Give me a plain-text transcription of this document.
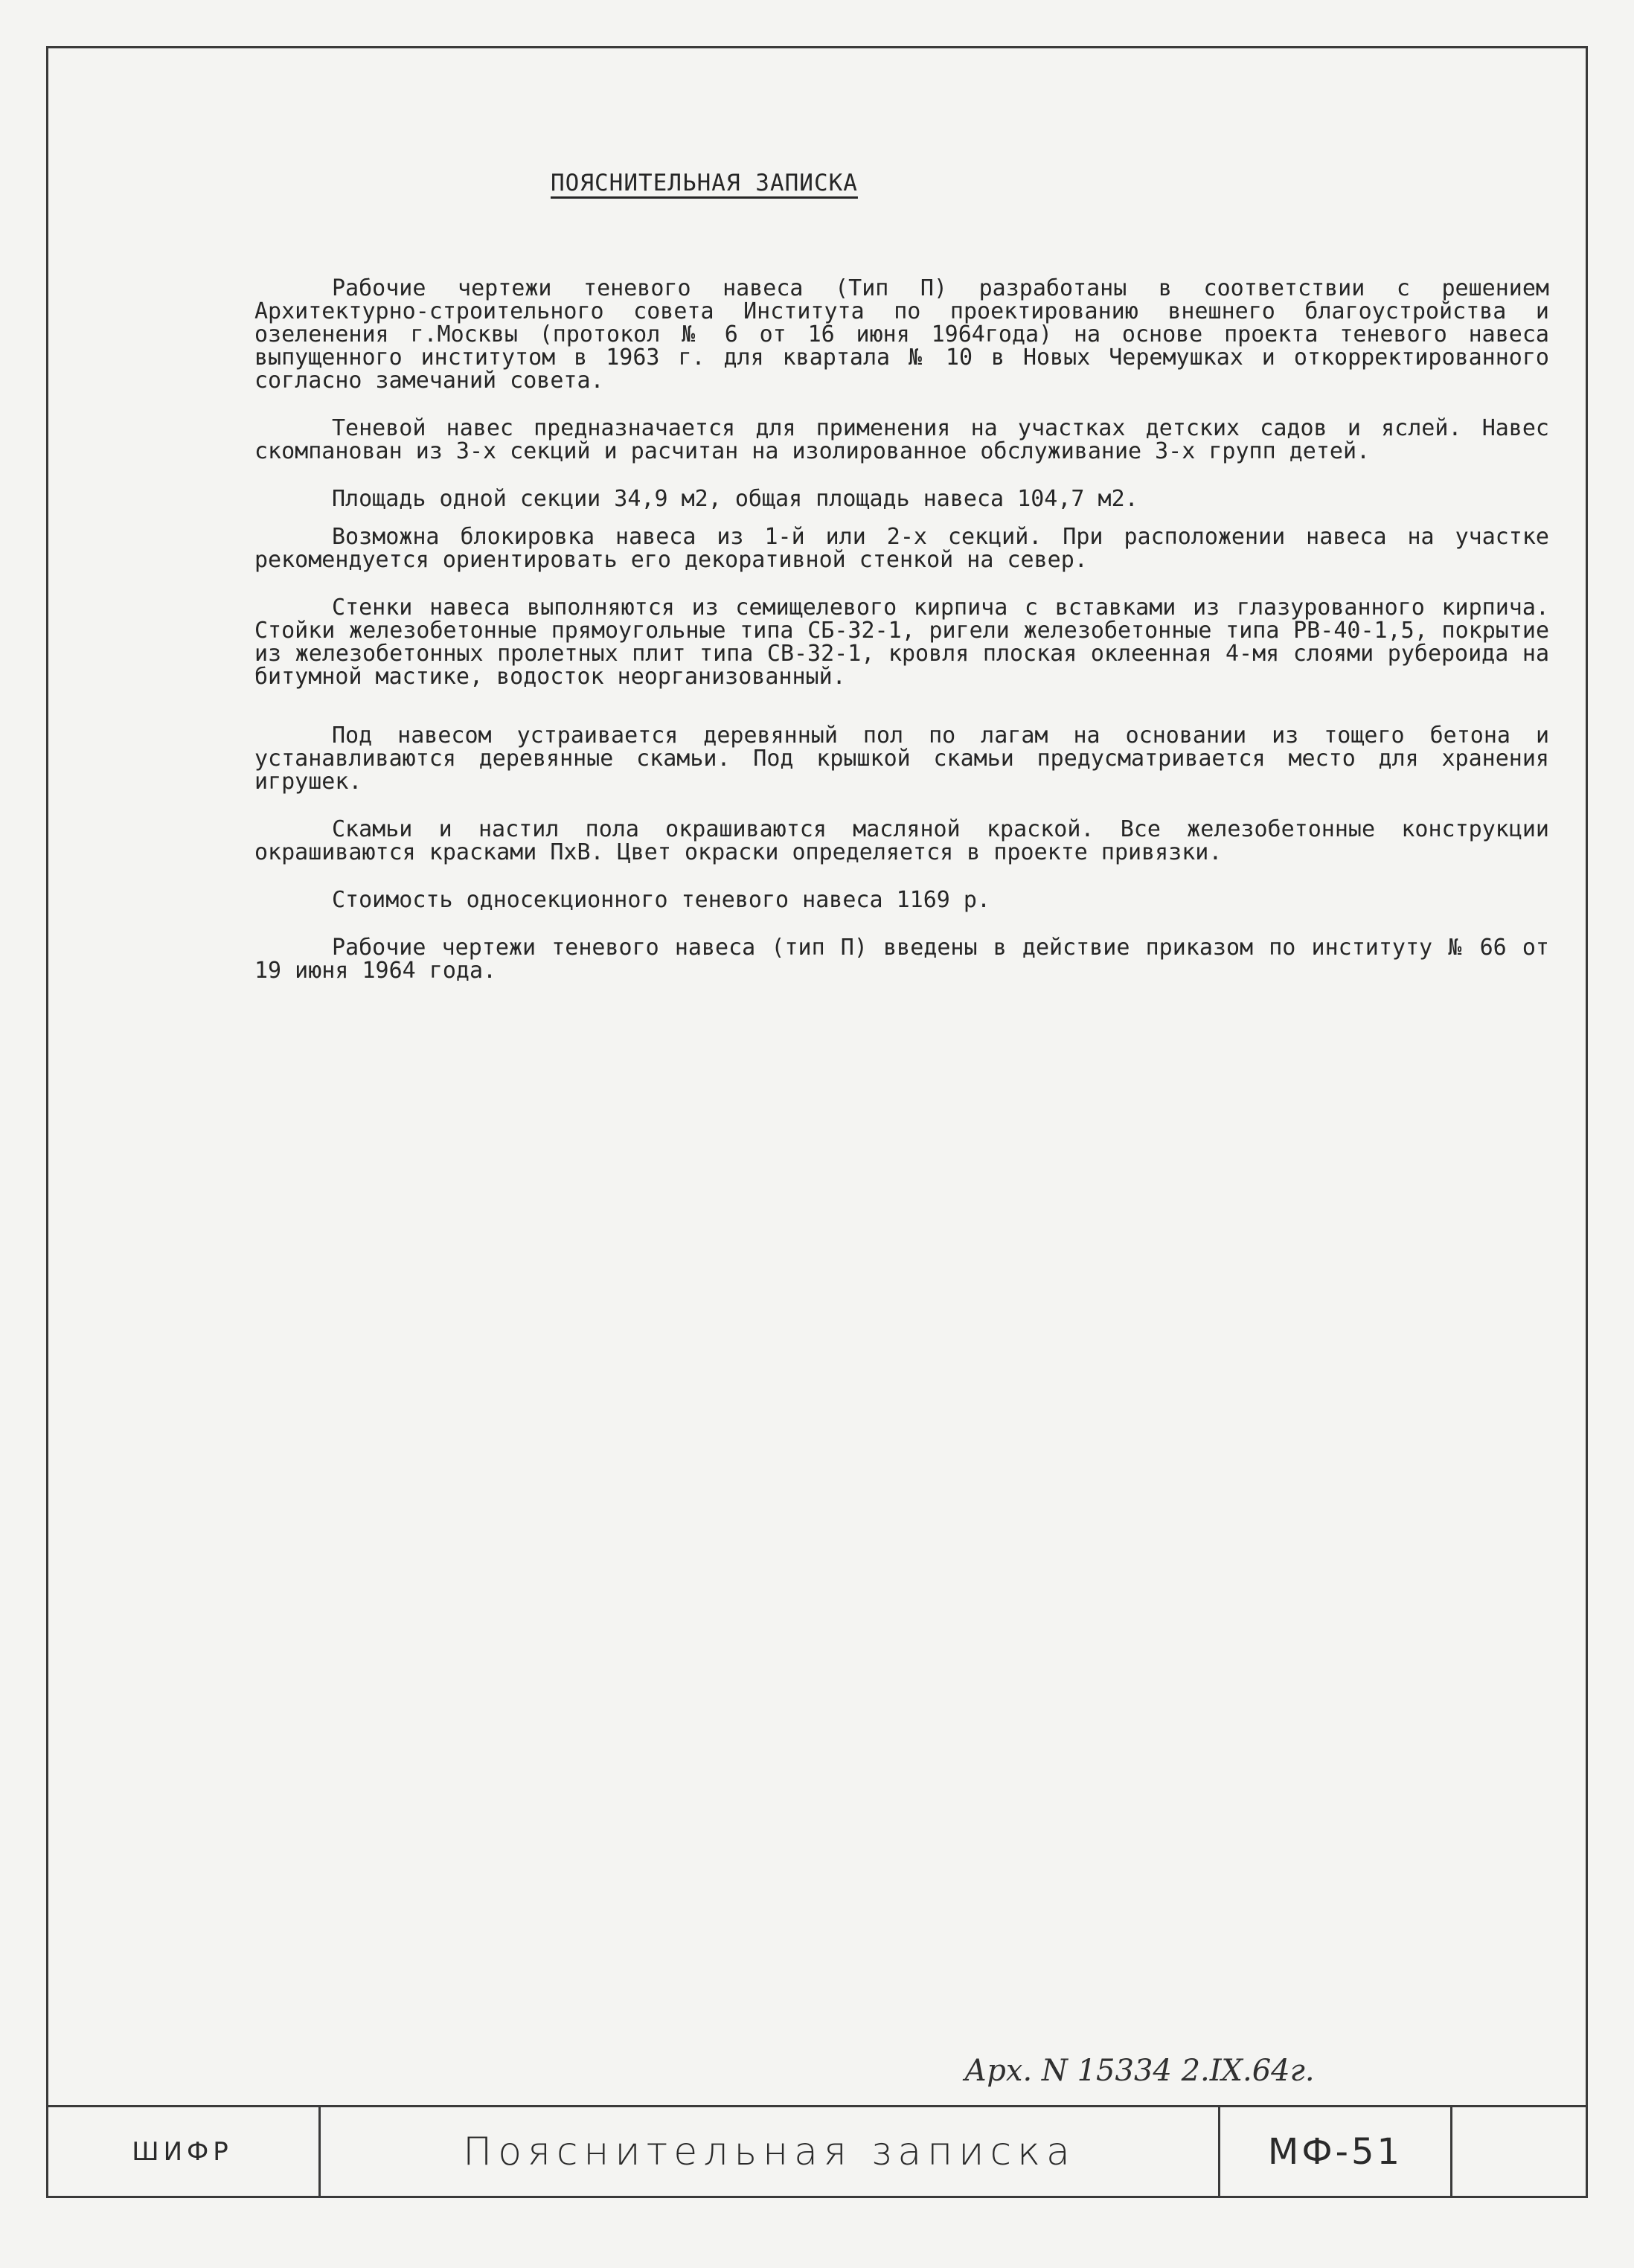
ПОЯСНИТЕЛЬНАЯ ЗАПИСКА

Рабочие чертежи теневого навеса (Тип П) разработаны в соответствии с решением Архитектурно-строительного совета Института по проектированию внешнего благоустройства и озеленения г.Москвы (протокол № 6 от 16 июня 1964года) на основе проекта теневого навеса выпущенного институтом в 1963 г. для квартала № 10 в Новых Черемушках и откорректированного согласно замечаний совета.

Теневой навес предназначается для применения на участках детских садов и яслей. Навес скомпанован из 3-х секций и расчитан на изолированное обслуживание 3-х групп детей.

Площадь одной секции 34,9 м2, общая площадь навеса 104,7 м2.

Возможна блокировка навеса из 1-й или 2-х секций. При расположении навеса на участке рекомендуется ориентировать его декоративной стенкой на север.

Стенки навеса выполняются из семищелевого кирпича с вставками из глазурованного кирпича. Стойки железобетонные прямоугольные типа СБ-32-1, ригели железобетонные типа РВ-40-1,5, покрытие из железобетонных пролетных плит типа СВ-32-1, кровля плоская оклеенная 4-мя слоями рубероида на битумной мастике, водосток неорганизованный.

Под навесом устраивается деревянный пол по лагам на основании из тощего бетона и устанавливаются деревянные скамьи. Под крышкой скамьи предусматривается место для хранения игрушек.

Скамьи и настил пола окрашиваются масляной краской. Все железобетонные конструкции окрашиваются красками ПхВ. Цвет окраски определяется в проекте привязки.

Стоимость односекционного теневого навеса 1169 р.

Рабочие чертежи теневого навеса (тип П) введены в действие приказом по институту № 66 от 19 июня 1964 года.

Арх. N 15334 2.IX.64г.
ШИФР	Пояснительная записка	МФ-51
